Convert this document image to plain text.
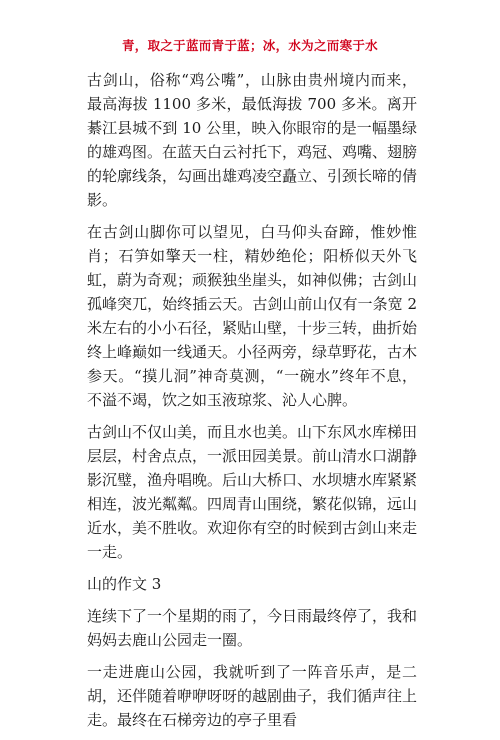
青，取之于蓝而青于蓝；冰，水为之而寒于水

古剑山，俗称“鸡公嘴”，山脉由贵州境内而来，最高海拔 1100 多米，最低海拔 700 多米。离开綦江县城不到 10 公里，映入你眼帘的是一幅墨绿的雄鸡图。在蓝天白云衬托下，鸡冠、鸡嘴、翅膀的轮廓线条，勾画出雄鸡凌空矗立、引颈长啼的倩影。

在古剑山脚你可以望见，白马仰头奋蹄，惟妙惟肖；石笋如擎天一柱，精妙绝伦；阳桥似天外飞虹，蔚为奇观；顽猴独坐崖头，如神似佛；古剑山孤峰突兀，始终插云天。古剑山前山仅有一条宽 2 米左右的小小石径，紧贴山壁，十步三转，曲折始终上峰巅如一线通天。小径两旁，绿草野花，古木参天。“摸儿洞”神奇莫测，“一碗水”终年不息，不溢不竭，饮之如玉液琼浆、沁人心脾。

古剑山不仅山美，而且水也美。山下东风水库梯田层层，村舍点点，一派田园美景。前山清水口湖静影沉璧，渔舟唱晚。后山大桥口、水坝塘水库紧紧相连，波光粼粼。四周青山围绕，繁花似锦，远山近水，美不胜收。欢迎你有空的时候到古剑山来走一走。

山的作文 3

连续下了一个星期的雨了，今日雨最终停了，我和妈妈去鹿山公园走一圈。

一走进鹿山公园，我就听到了一阵音乐声，是二胡，还伴随着咿咿呀呀的越剧曲子，我们循声往上走。最终在石梯旁边的亭子里看
